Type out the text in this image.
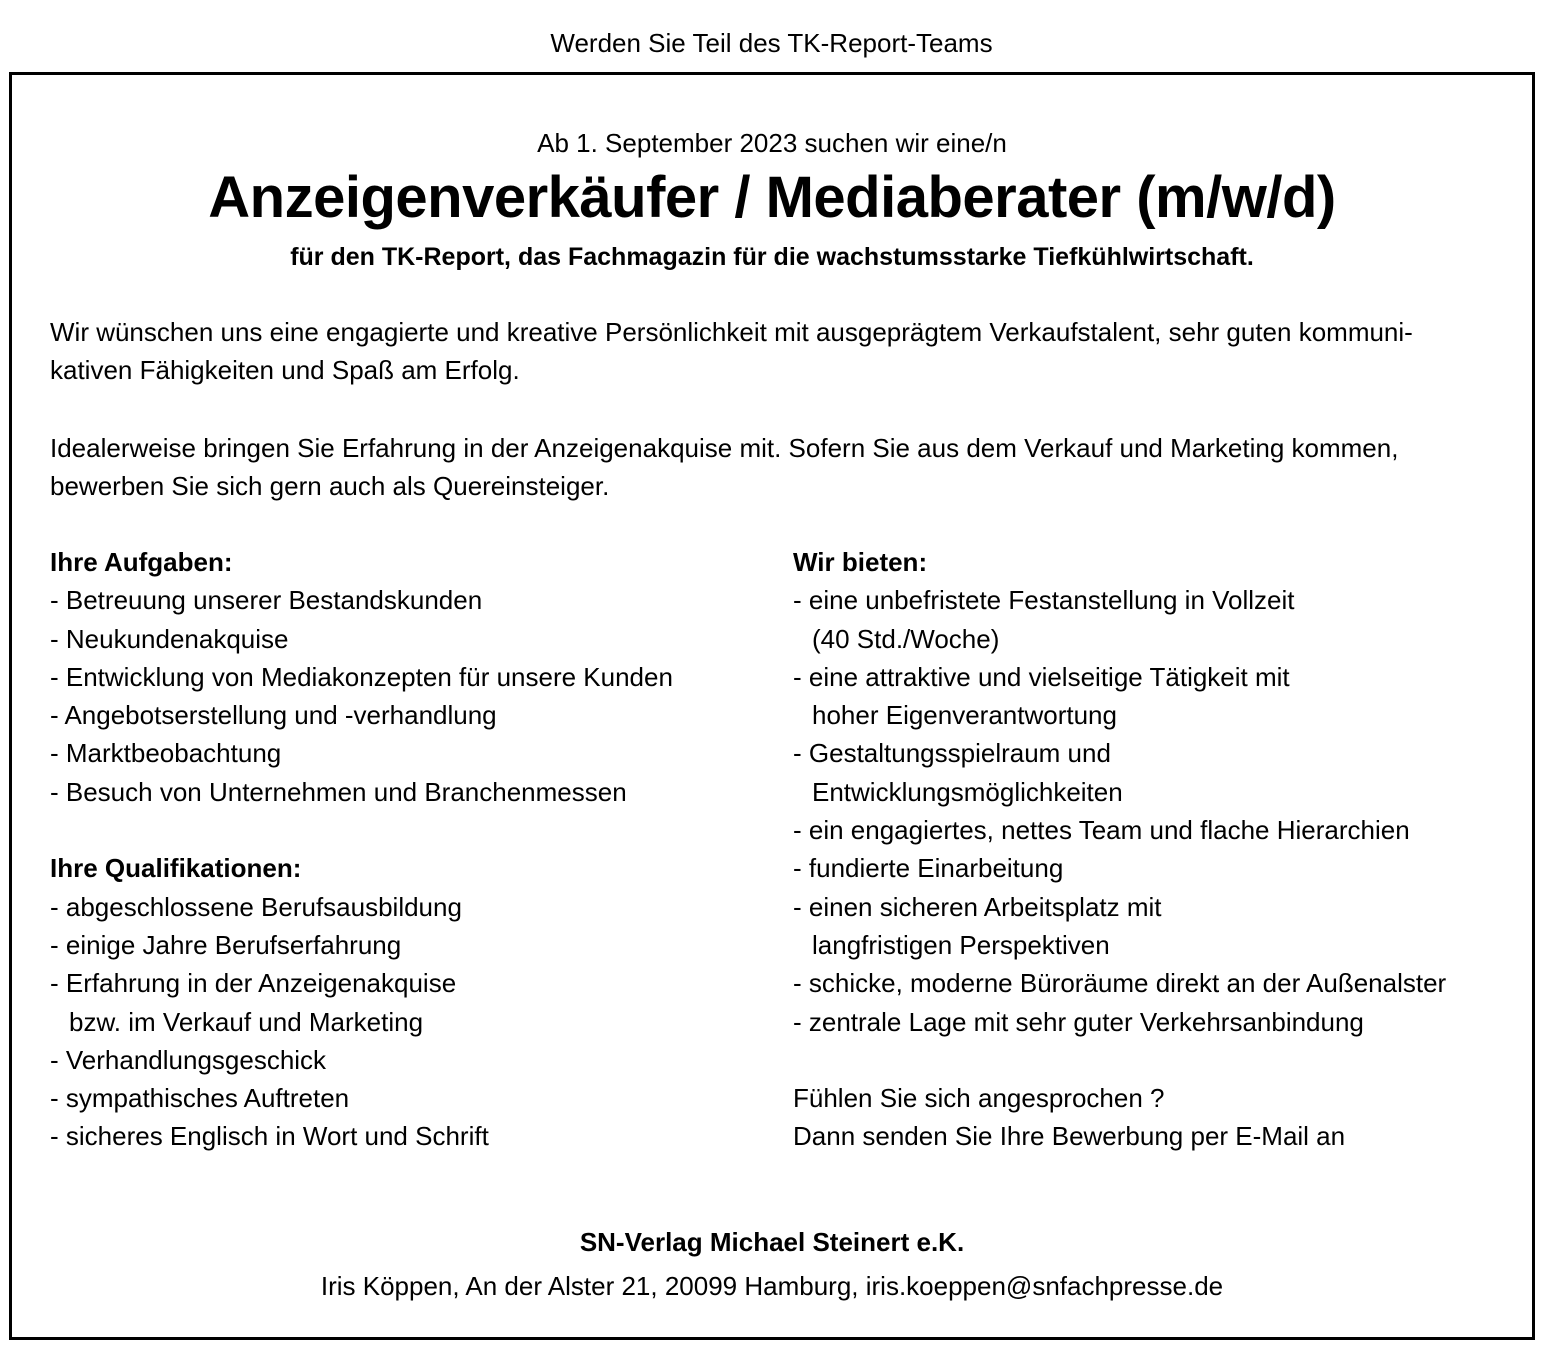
Werden Sie Teil des TK-Report-Teams
Ab 1. September 2023 suchen wir eine/n
Anzeigenverkäufer / Mediaberater (m/w/d)
für den TK-Report, das Fachmagazin für die wachstumsstarke Tiefkühlwirtschaft.
Wir wünschen uns eine engagierte und kreative Persönlichkeit mit ausgeprägtem Verkaufstalent, sehr guten kommuni-
kativen Fähigkeiten und Spaß am Erfolg.
Idealerweise bringen Sie Erfahrung in der Anzeigenakquise mit. Sofern Sie aus dem Verkauf und Marketing kommen,
bewerben Sie sich gern auch als Quereinsteiger.
Ihre Aufgaben:
- Betreuung unserer Bestandskunden
- Neukundenakquise
- Entwicklung von Mediakonzepten für unsere Kunden
- Angebotserstellung und -verhandlung
- Marktbeobachtung
- Besuch von Unternehmen und Branchenmessen
Ihre Qualifikationen:
- abgeschlossene Berufsausbildung
- einige Jahre Berufserfahrung
- Erfahrung in der Anzeigenakquise
bzw. im Verkauf und Marketing
- Verhandlungsgeschick
- sympathisches Auftreten
- sicheres Englisch in Wort und Schrift
Wir bieten:
- eine unbefristete Festanstellung in Vollzeit
(40 Std./Woche)
- eine attraktive und vielseitige Tätigkeit mit
hoher Eigenverantwortung
- Gestaltungsspielraum und
Entwicklungsmöglichkeiten
- ein engagiertes, nettes Team und flache Hierarchien
- fundierte Einarbeitung
- einen sicheren Arbeitsplatz mit
langfristigen Perspektiven
- schicke, moderne Büroräume direkt an der Außenalster
- zentrale Lage mit sehr guter Verkehrsanbindung
Fühlen Sie sich angesprochen ?
Dann senden Sie Ihre Bewerbung per E-Mail an
SN-Verlag Michael Steinert e.K.
Iris Köppen, An der Alster 21, 20099 Hamburg, iris.koeppen@snfachpresse.de
